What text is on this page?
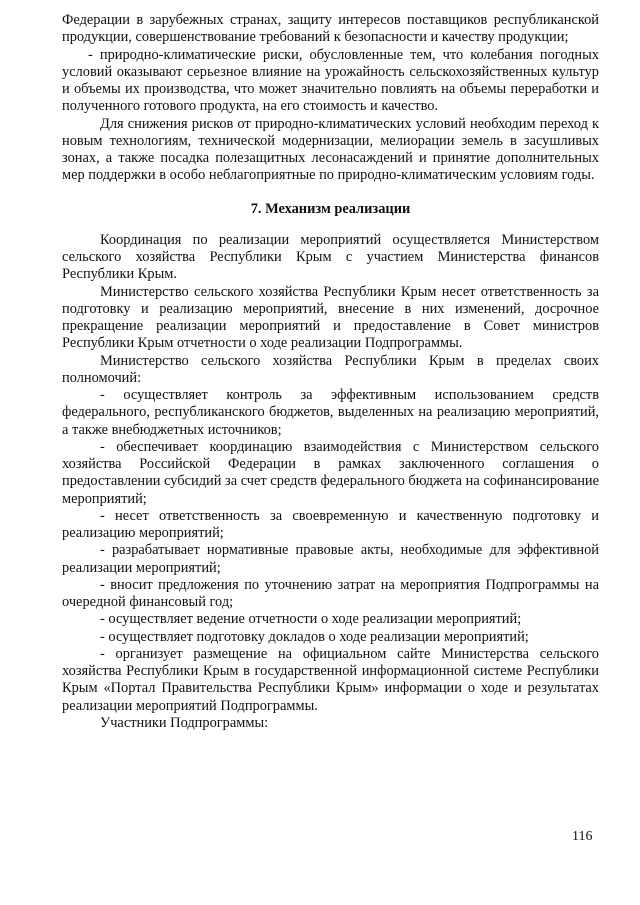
Федерации в зарубежных странах, защиту интересов поставщиков республиканской продукции, совершенствование требований к безопасности и качеству продукции;

- природно-климатические риски, обусловленные тем, что колебания погодных условий оказывают серьезное влияние на урожайность сельскохозяйственных культур и объемы их производства, что может значительно повлиять на объемы переработки и полученного готового продукта, на его стоимость и качество.

Для снижения рисков от природно-климатических условий необходим переход к новым технологиям, технической модернизации, мелиорации земель в засушливых зонах, а также посадка полезащитных лесонасаждений и принятие дополнительных мер поддержки в особо неблагоприятные по природно-климатическим условиям годы.

7. Механизм реализации

Координация по реализации мероприятий осуществляется Министерством сельского хозяйства Республики Крым с участием Министерства финансов Республики Крым.

Министерство сельского хозяйства Республики Крым несет ответственность за подготовку и реализацию мероприятий, внесение в них изменений, досрочное прекращение реализации мероприятий и предоставление в Совет министров Республики Крым отчетности о ходе реализации Подпрограммы.

Министерство сельского хозяйства Республики Крым в пределах своих полномочий:

- осуществляет контроль за эффективным использованием средств федерального, республиканского бюджетов, выделенных на реализацию мероприятий, а также внебюджетных источников;

- обеспечивает координацию взаимодействия с Министерством сельского хозяйства Российской Федерации в рамках заключенного соглашения о предоставлении субсидий за счет средств федерального бюджета на софинансирование мероприятий;

- несет ответственность за своевременную и качественную подготовку и реализацию мероприятий;

- разрабатывает нормативные правовые акты, необходимые для эффективной реализации мероприятий;

- вносит предложения по уточнению затрат на мероприятия Подпрограммы на очередной финансовый год;

- осуществляет ведение отчетности о ходе реализации мероприятий;

- осуществляет подготовку докладов о ходе реализации мероприятий;

- организует размещение на официальном сайте Министерства сельского хозяйства Республики Крым в государственной информационной системе Республики Крым «Портал Правительства Республики Крым» информации о ходе и результатах реализации мероприятий Подпрограммы.

Участники Подпрограммы:

116
